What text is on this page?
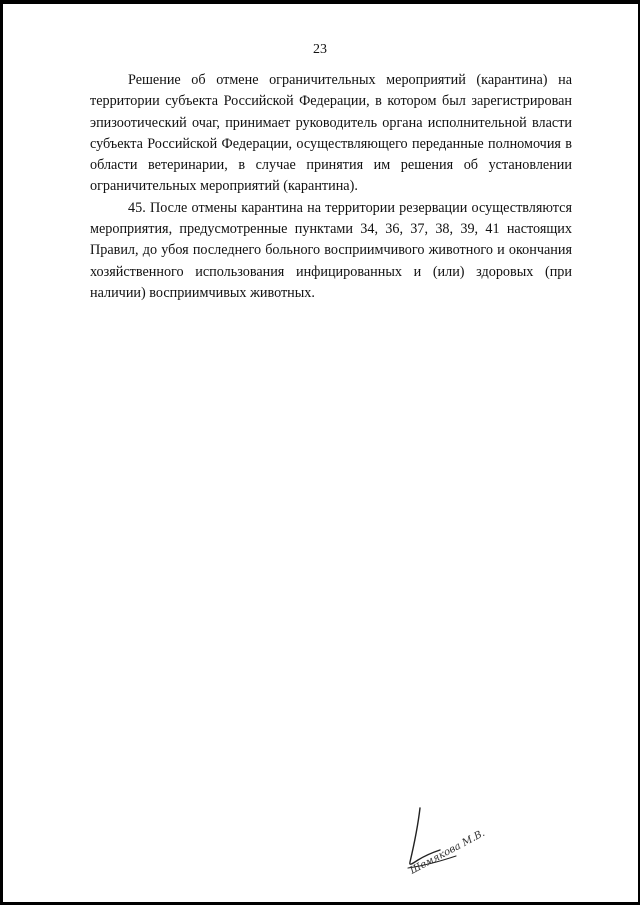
23

Решение об отмене ограничительных мероприятий (карантина) на территории субъекта Российской Федерации, в котором был зарегистрирован эпизоотический очаг, принимает руководитель органа исполнительной власти субъекта Российской Федерации, осуществляющего переданные полномочия в области ветеринарии, в случае принятия им решения об установлении ограничительных мероприятий (карантина).

45. После отмены карантина на территории резервации осуществляются мероприятия, предусмотренные пунктами 34, 36, 37, 38, 39, 41 настоящих Правил, до убоя последнего больного восприимчивого животного и окончания хозяйственного использования инфицированных и (или) здоровых (при наличии) восприимчивых животных.

Шемякова М.В.
